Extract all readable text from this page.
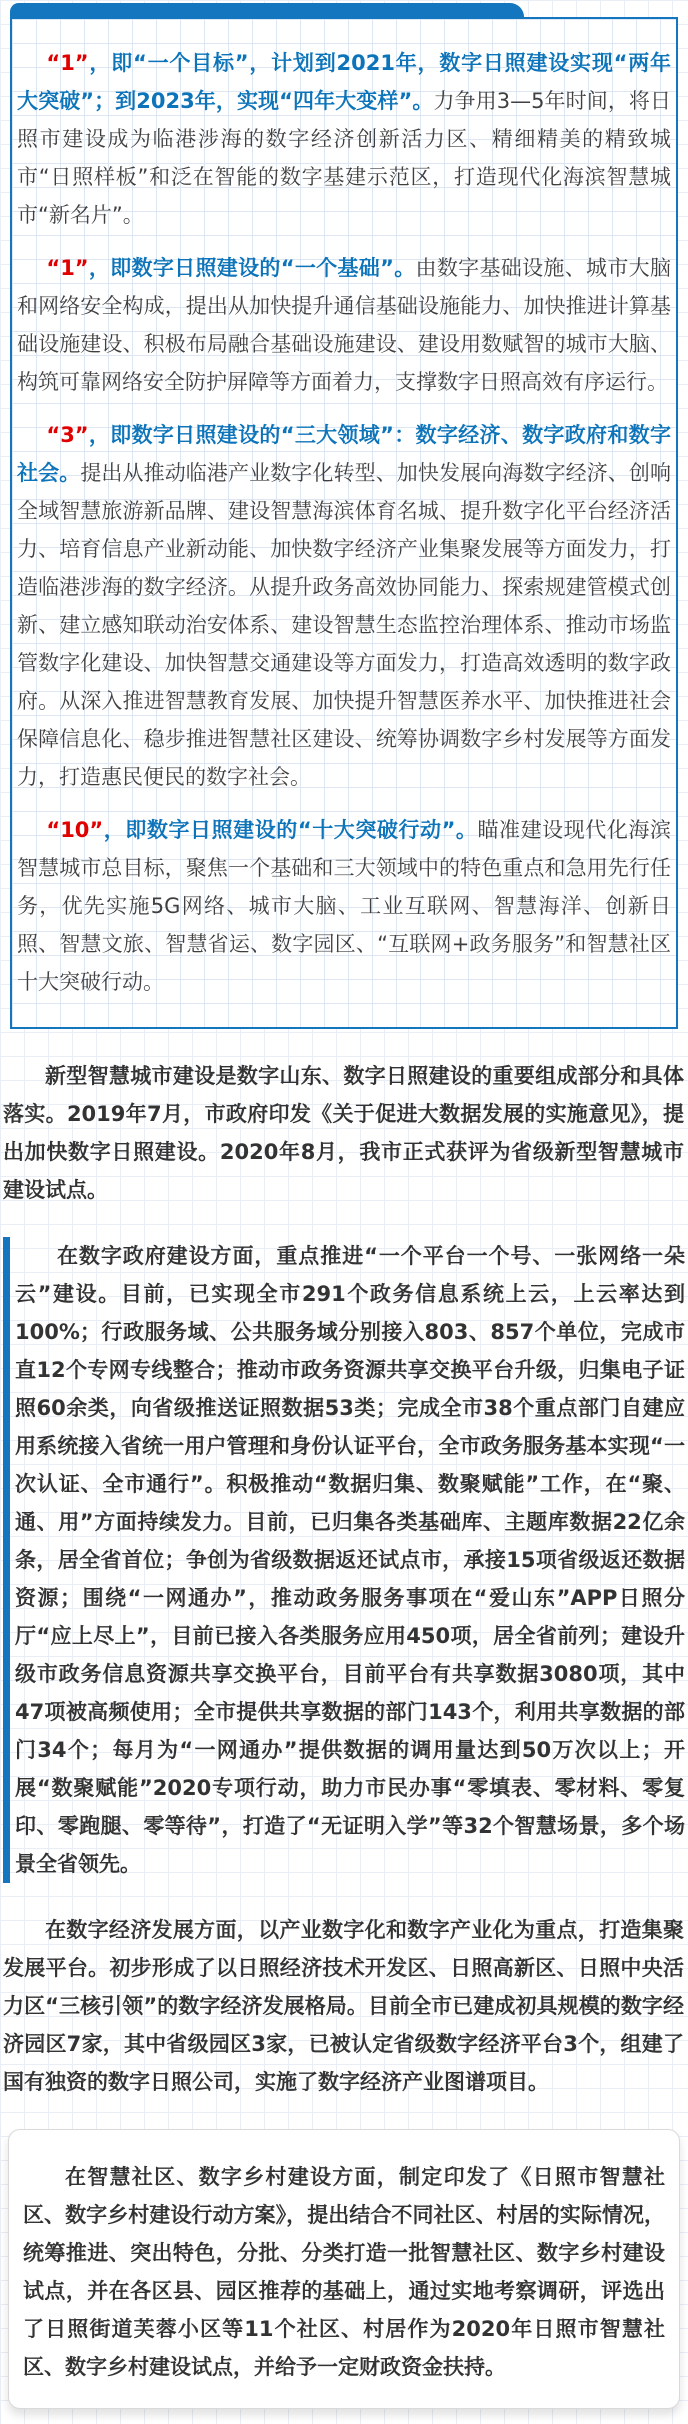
“1”，即“一个目标”，计划到2021年，数字日照建设实现“两年大突破”；到2023年，实现“四年大变样”。力争用3—5年时间，将日照市建设成为临港涉海的数字经济创新活力区、精细精美的精致城市“日照样板”和泛在智能的数字基建示范区，打造现代化海滨智慧城市“新名片”。

“1”，即数字日照建设的“一个基础”。由数字基础设施、城市大脑和网络安全构成，提出从加快提升通信基础设施能力、加快推进计算基础设施建设、积极布局融合基础设施建设、建设用数赋智的城市大脑、构筑可靠网络安全防护屏障等方面着力，支撑数字日照高效有序运行。

“3”，即数字日照建设的“三大领域”：数字经济、数字政府和数字社会。提出从推动临港产业数字化转型、加快发展向海数字经济、创响全域智慧旅游新品牌、建设智慧海滨体育名城、提升数字化平台经济活力、培育信息产业新动能、加快数字经济产业集聚发展等方面发力，打造临港涉海的数字经济。从提升政务高效协同能力、探索规建管模式创新、建立感知联动治安体系、建设智慧生态监控治理体系、推动市场监管数字化建设、加快智慧交通建设等方面发力，打造高效透明的数字政府。从深入推进智慧教育发展、加快提升智慧医养水平、加快推进社会保障信息化、稳步推进智慧社区建设、统筹协调数字乡村发展等方面发力，打造惠民便民的数字社会。

“10”，即数字日照建设的“十大突破行动”。瞄准建设现代化海滨智慧城市总目标，聚焦一个基础和三大领域中的特色重点和急用先行任务，优先实施5G网络、城市大脑、工业互联网、智慧海洋、创新日照、智慧文旅、智慧省运、数字园区、“互联网+政务服务”和智慧社区十大突破行动。

新型智慧城市建设是数字山东、数字日照建设的重要组成部分和具体落实。2019年7月，市政府印发《关于促进大数据发展的实施意见》，提出加快数字日照建设。2020年8月，我市正式获评为省级新型智慧城市建设试点。

在数字政府建设方面，重点推进“一个平台一个号、一张网络一朵云”建设。目前，已实现全市291个政务信息系统上云，上云率达到100%；行政服务域、公共服务域分别接入803、857个单位，完成市直12个专网专线整合；推动市政务资源共享交换平台升级，归集电子证照60余类，向省级推送证照数据53类；完成全市38个重点部门自建应用系统接入省统一用户管理和身份认证平台，全市政务服务基本实现“一次认证、全市通行”。积极推动“数据归集、数聚赋能”工作，在“聚、通、用”方面持续发力。目前，已归集各类基础库、主题库数据22亿余条，居全省首位；争创为省级数据返还试点市，承接15项省级返还数据资源；围绕“一网通办”，推动政务服务事项在“爱山东”APP日照分厅“应上尽上”，目前已接入各类服务应用450项，居全省前列；建设升级市政务信息资源共享交换平台，目前平台有共享数据3080项，其中47项被高频使用；全市提供共享数据的部门143个，利用共享数据的部门34个；每月为“一网通办”提供数据的调用量达到50万次以上；开展“数聚赋能”2020专项行动，助力市民办事“零填表、零材料、零复印、零跑腿、零等待”，打造了“无证明入学”等32个智慧场景，多个场景全省领先。

在数字经济发展方面，以产业数字化和数字产业化为重点，打造集聚发展平台。初步形成了以日照经济技术开发区、日照高新区、日照中央活力区“三核引领”的数字经济发展格局。目前全市已建成初具规模的数字经济园区7家，其中省级园区3家，已被认定省级数字经济平台3个，组建了国有独资的数字日照公司，实施了数字经济产业图谱项目。

在智慧社区、数字乡村建设方面，制定印发了《日照市智慧社区、数字乡村建设行动方案》，提出结合不同社区、村居的实际情况，统筹推进、突出特色，分批、分类打造一批智慧社区、数字乡村建设试点，并在各区县、园区推荐的基础上，通过实地考察调研，评选出了日照街道芙蓉小区等11个社区、村居作为2020年日照市智慧社区、数字乡村建设试点，并给予一定财政资金扶持。
